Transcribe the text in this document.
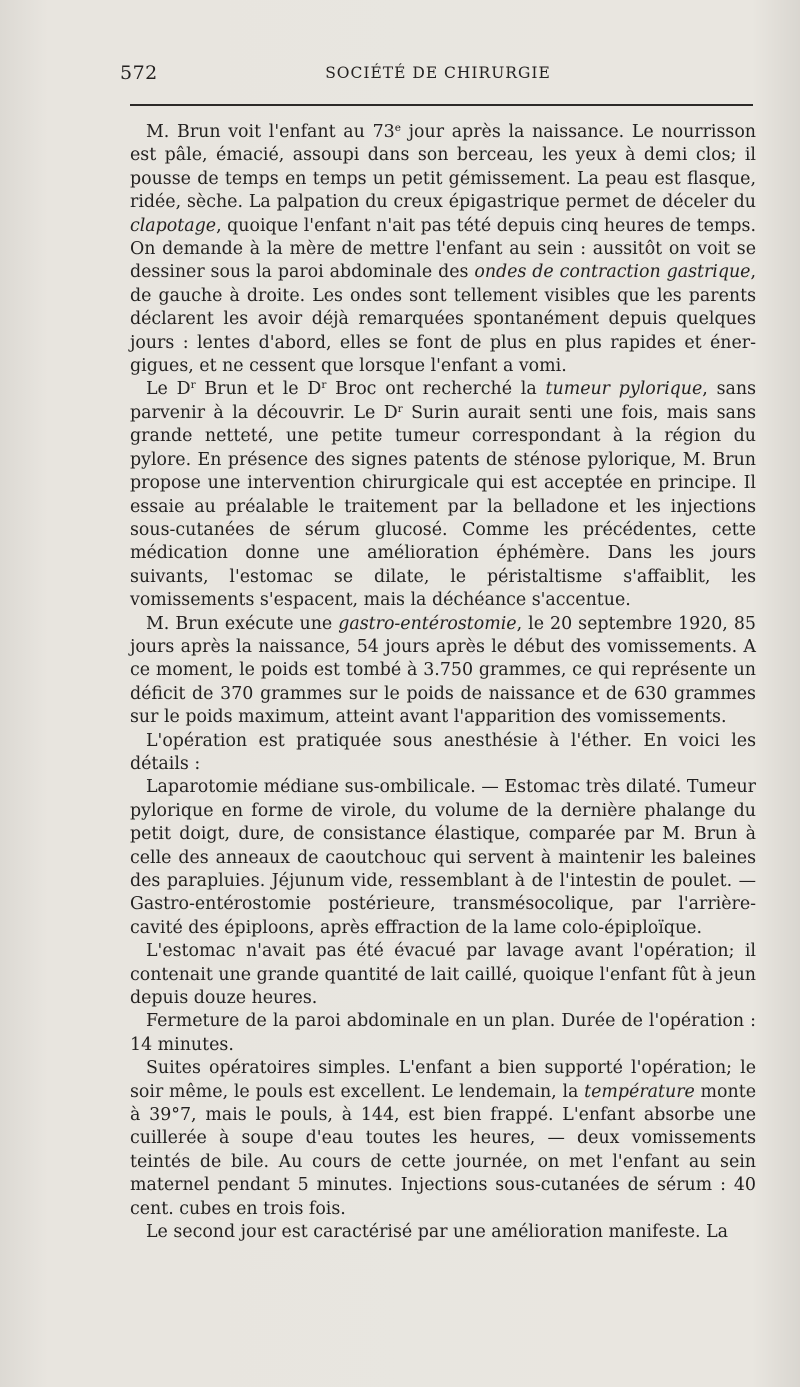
572	SOCIÉTÉ DE CHIRURGIE

M. Brun voit l'enfant au 73e jour après la naissance. Le nourrisson est pâle, émacié, assoupi dans son berceau, les yeux à demi clos; il pousse de temps en temps un petit gémissement. La peau est flasque, ridée, sèche. La palpation du creux épigastrique permet de déceler du clapotage, quoique l'enfant n'ait pas tété depuis cinq heures de temps. On demande à la mère de mettre l'enfant au sein : aussitôt on voit se dessiner sous la paroi abdominale des ondes de contraction gastrique, de gauche à droite. Les ondes sont tellement visibles que les parents déclarent les avoir déjà remarquées spontanément depuis quelques jours : lentes d'abord, elles se font de plus en plus rapides et éner-gigues, et ne cessent que lorsque l'enfant a vomi.

Le $D^r$ Brun et le $D^r$ Broc ont recherché la tumeur pylorique, sans parvenir à la découvrir. Le $D^r$ Surin aurait senti une fois, mais sans grande netteté, une petite tumeur correspondant à la région du pylore. En présence des signes patents de sténose pylorique, M. Brun propose une intervention chirurgicale qui est acceptée en principe. Il essaie au préalable le traitement par la belladone et les injections sous-cutanées de sérum glucosé. Comme les précédentes, cette médication donne une amélioration éphémère. Dans les jours suivants, l'estomac se dilate, le péristaltisme s'affaiblit, les vomissements s'espacent, mais la déchéance s'accentue.

M. Brun exécute une gastro-entérostomie, le 20 septembre 1920, 85 jours après la naissance, 54 jours après le début des vomissements. A ce moment, le poids est tombé à 3.750 grammes, ce qui représente un déficit de 370 grammes sur le poids de naissance et de 630 grammes sur le poids maximum, atteint avant l'apparition des vomissements.

L'opération est pratiquée sous anesthésie à l'éther. En voici les détails :

Laparotomie médiane sus-ombilicale. — Estomac très dilaté. Tumeur pylorique en forme de virole, du volume de la dernière phalange du petit doigt, dure, de consistance élastique, comparée par M. Brun à celle des anneaux de caoutchouc qui servent à maintenir les baleines des parapluies. Jéjunum vide, ressemblant à de l'intestin de poulet. — Gastro-entérostomie postérieure, transmésocolique, par l'arrière-cavité des épiploons, après effraction de la lame colo-épiploïque.

L'estomac n'avait pas été évacué par lavage avant l'opération; il contenait une grande quantité de lait caillé, quoique l'enfant fût à jeun depuis douze heures.

Fermeture de la paroi abdominale en un plan. Durée de l'opération : 14 minutes.

Suites opératoires simples. L'enfant a bien supporté l'opération; le soir même, le pouls est excellent. Le lendemain, la température monte à 39°7, mais le pouls, à 144, est bien frappé. L'enfant absorbe une cuillerée à soupe d'eau toutes les heures, — deux vomissements teintés de bile. Au cours de cette journée, on met l'enfant au sein maternel pendant 5 minutes. Injections sous-cutanées de sérum : 40 cent. cubes en trois fois.

Le second jour est caractérisé par une amélioration manifeste. La
